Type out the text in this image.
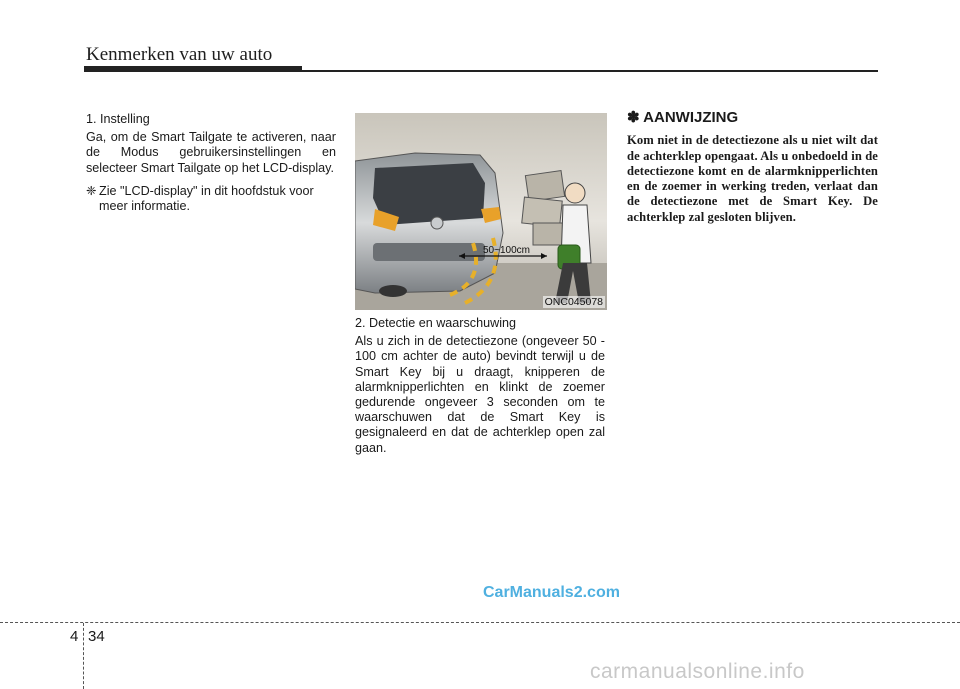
Kenmerken van uw auto

1. Instelling

Ga, om de Smart Tailgate te activeren, naar de Modus gebruikersinstellingen en selecteer Smart Tailgate op het LCD-display.

❈ Zie "LCD-display" in dit hoofdstuk voor meer informatie.
50~100cm
ONC045078

2. Detectie en waarschuwing

Als u zich in de detectiezone (ongeveer 50 - 100 cm achter de auto) bevindt terwijl u de Smart Key bij u draagt, knipperen de alarmknipperlichten en klinkt de zoemer gedurende ongeveer 3 seconden om te waarschuwen dat de Smart Key is gesignaleerd en dat de achterklep open zal gaan.

✽ AANWIJZING

Kom niet in de detectiezone als u niet wilt dat de achterklep opengaat. Als u onbedoeld in de detectiezone komt en de alarmknipperlichten en de zoemer in werking treden, verlaat dan de detectiezone met de Smart Key. De achterklep zal gesloten blijven.

CarManuals2.com
4 34
carmanualsonline.info
